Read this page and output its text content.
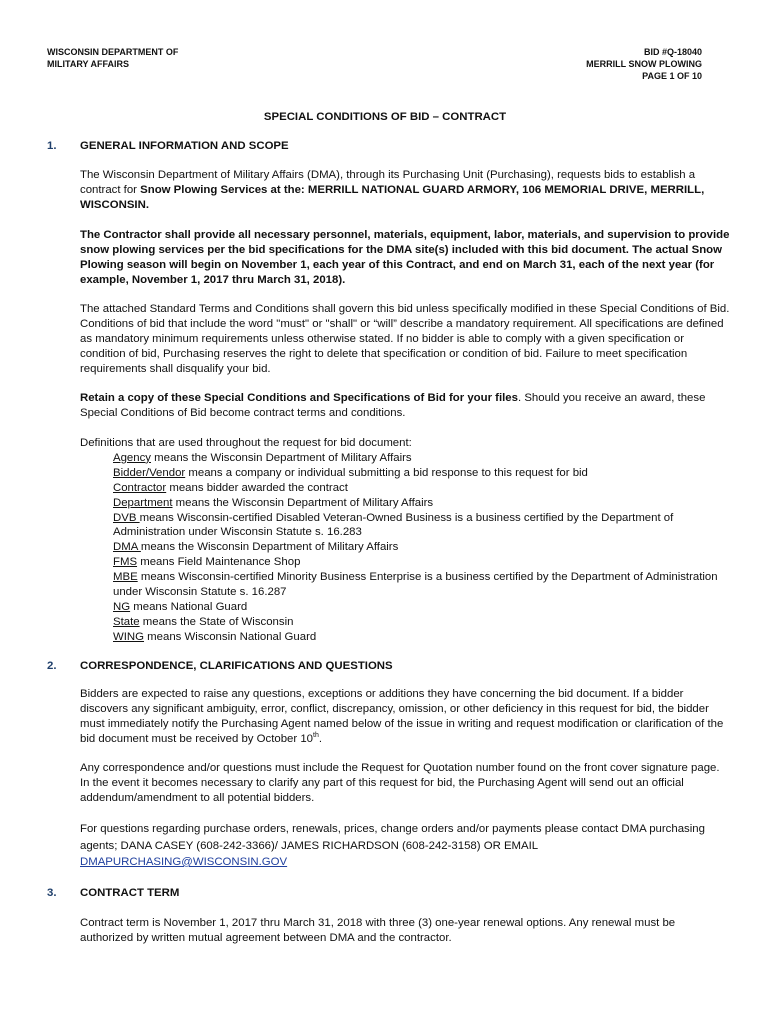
WISCONSIN DEPARTMENT OF
MILITARY AFFAIRS
BID #Q-18040
MERRILL SNOW PLOWING
PAGE 1 OF 10
SPECIAL CONDITIONS OF BID – CONTRACT
1. GENERAL INFORMATION AND SCOPE
The Wisconsin Department of Military Affairs (DMA), through its Purchasing Unit (Purchasing), requests bids to establish a contract for Snow Plowing Services at the: MERRILL NATIONAL GUARD ARMORY, 106 MEMORIAL DRIVE, MERRILL, WISCONSIN.
The Contractor shall provide all necessary personnel, materials, equipment, labor, materials, and supervision to provide snow plowing services per the bid specifications for the DMA site(s) included with this bid document. The actual Snow Plowing season will begin on November 1, each year of this Contract, and end on March 31, each of the next year (for example, November 1, 2017 thru March 31, 2018).
The attached Standard Terms and Conditions shall govern this bid unless specifically modified in these Special Conditions of Bid. Conditions of bid that include the word "must" or "shall" or “will” describe a mandatory requirement. All specifications are defined as mandatory minimum requirements unless otherwise stated. If no bidder is able to comply with a given specification or condition of bid, Purchasing reserves the right to delete that specification or condition of bid. Failure to meet specification requirements shall disqualify your bid.
Retain a copy of these Special Conditions and Specifications of Bid for your files. Should you receive an award, these Special Conditions of Bid become contract terms and conditions.
Definitions that are used throughout the request for bid document:
Agency means the Wisconsin Department of Military Affairs
Bidder/Vendor means a company or individual submitting a bid response to this request for bid
Contractor means bidder awarded the contract
Department means the Wisconsin Department of Military Affairs
DVB means Wisconsin-certified Disabled Veteran-Owned Business is a business certified by the Department of Administration under Wisconsin Statute s. 16.283
DMA means the Wisconsin Department of Military Affairs
FMS means Field Maintenance Shop
MBE means Wisconsin-certified Minority Business Enterprise is a business certified by the Department of Administration under Wisconsin Statute s. 16.287
NG means National Guard
State means the State of Wisconsin
WING means Wisconsin National Guard
2. CORRESPONDENCE, CLARIFICATIONS AND QUESTIONS
Bidders are expected to raise any questions, exceptions or additions they have concerning the bid document. If a bidder discovers any significant ambiguity, error, conflict, discrepancy, omission, or other deficiency in this request for bid, the bidder must immediately notify the Purchasing Agent named below of the issue in writing and request modification or clarification of the bid document must be received by October 10th.
Any correspondence and/or questions must include the Request for Quotation number found on the front cover signature page. In the event it becomes necessary to clarify any part of this request for bid, the Purchasing Agent will send out an official addendum/amendment to all potential bidders.
For questions regarding purchase orders, renewals, prices, change orders and/or payments please contact DMA purchasing agents; DANA CASEY (608-242-3366)/ JAMES RICHARDSON (608-242-3158) OR EMAIL
DMAPURCHASING@WISCONSIN.GOV
3. CONTRACT TERM
Contract term is November 1, 2017 thru March 31, 2018 with three (3) one-year renewal options. Any renewal must be authorized by written mutual agreement between DMA and the contractor.
